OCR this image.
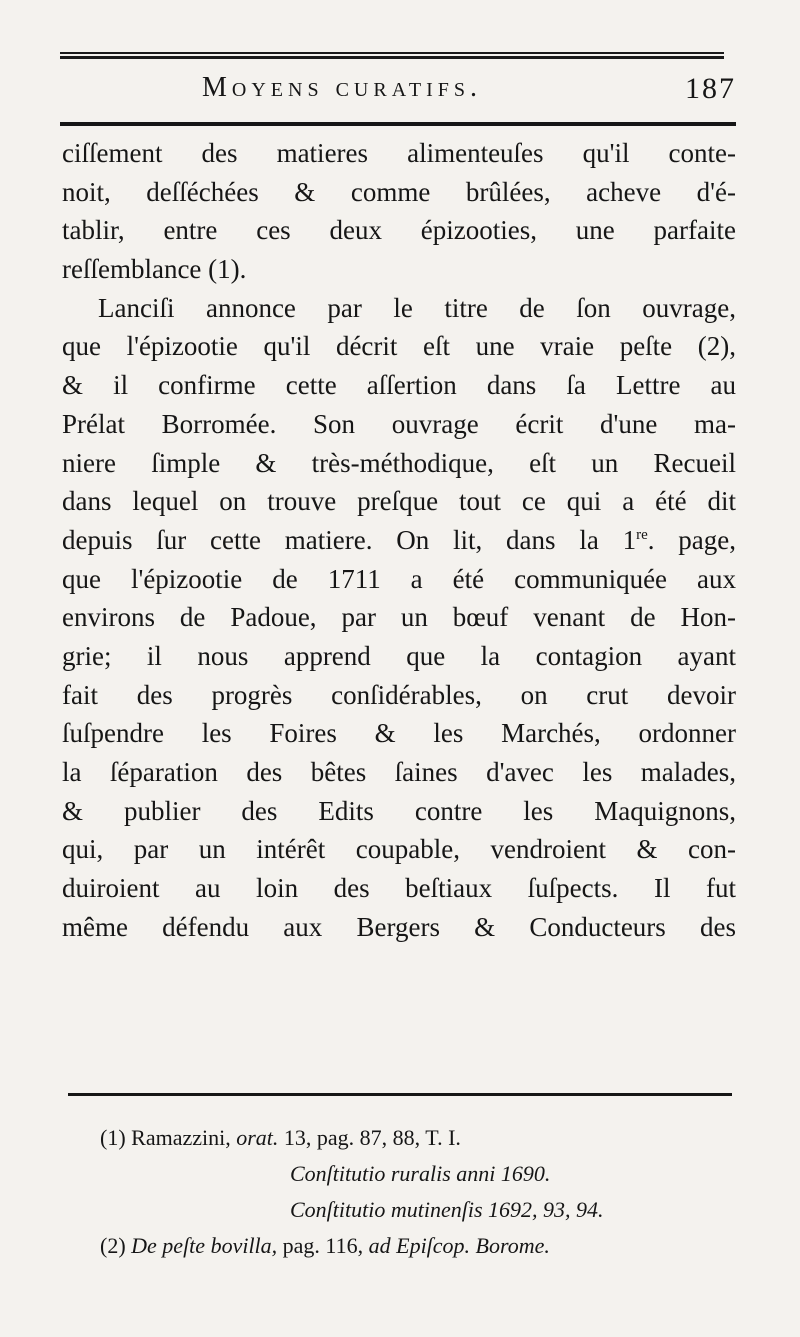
Moyens curatifs.	187
ciſſement des matieres alimenteuſes qu'il conte-
noit, deſſéchées & comme brûlées, acheve d'é-
tablir, entre ces deux épizooties, une parfaite
reſſemblance (1).
Lanciſi annonce par le titre de ſon ouvrage,
que l'épizootie qu'il décrit eſt une vraie peſte (2),
& il confirme cette aſſertion dans ſa Lettre au
Prélat Borromée. Son ouvrage écrit d'une ma-
niere ſimple & très-méthodique, eſt un Recueil
dans lequel on trouve preſque tout ce qui a été dit
depuis ſur cette matiere. On lit, dans la 1re. page,
que l'épizootie de 1711 a été communiquée aux
environs de Padoue, par un bœuf venant de Hon-
grie; il nous apprend que la contagion ayant
fait des progrès conſidérables, on crut devoir
ſuſpendre les Foires & les Marchés, ordonner
la ſéparation des bêtes ſaines d'avec les malades,
& publier des Edits contre les Maquignons,
qui, par un intérêt coupable, vendroient & con-
duiroient au loin des beſtiaux ſuſpects. Il fut
même défendu aux Bergers & Conducteurs des
(1) Ramazzini, orat. 13, pag. 87, 88, T. I.
Conſtitutio ruralis anni 1690.
Conſtitutio mutinenſis 1692, 93, 94.
(2) De peſte bovilla, pag. 116, ad Epiſcop. Borome.
